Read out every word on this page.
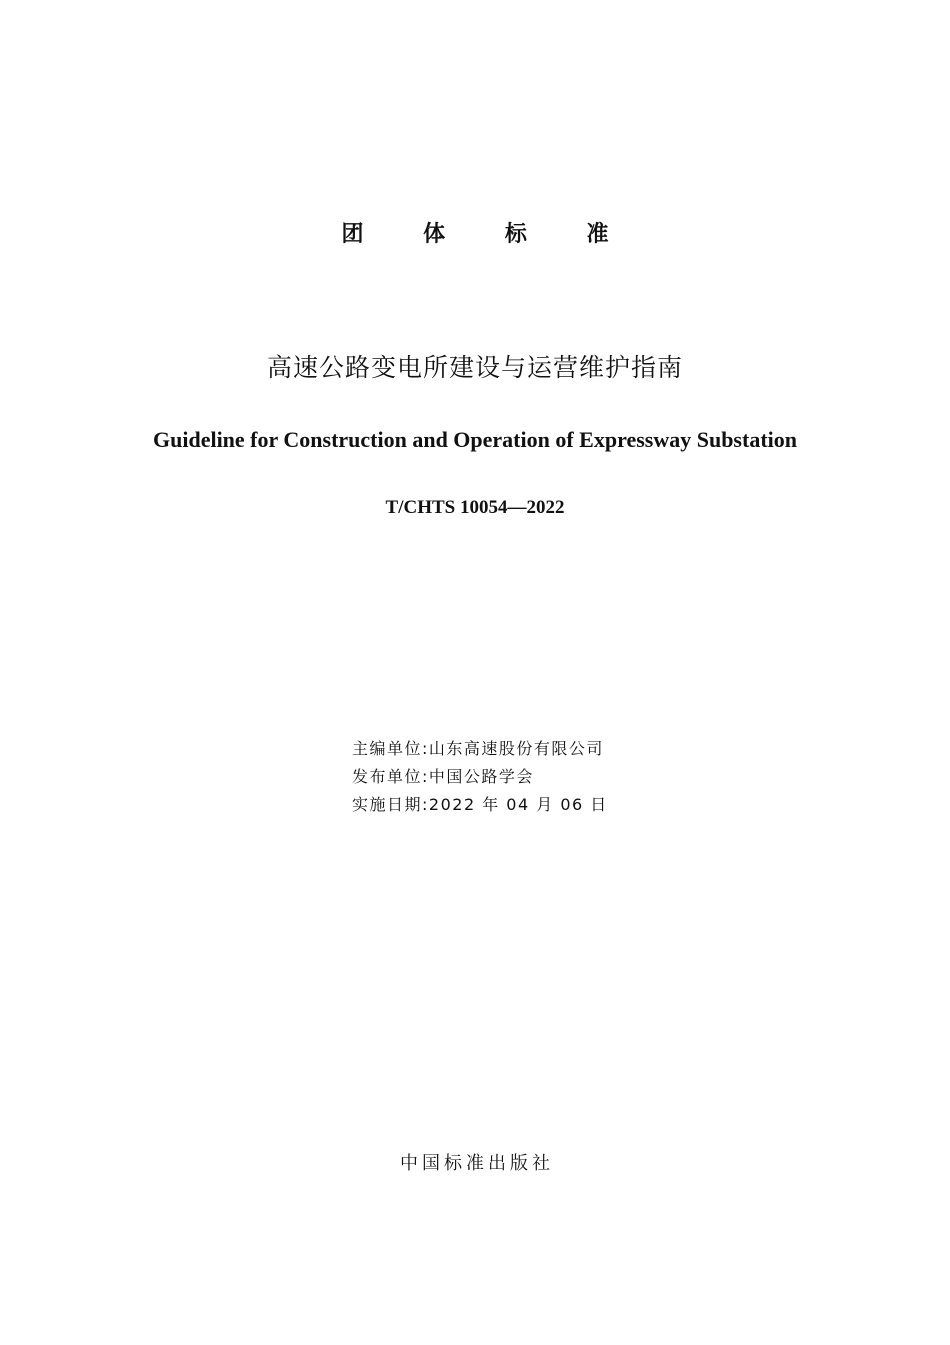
团 体 标 准
高速公路变电所建设与运营维护指南
Guideline for Construction and Operation of Expressway Substation
T/CHTS 10054—2022
主编单位:山东高速股份有限公司
发布单位:中国公路学会
实施日期:2022 年 04 月 06 日
中国标准出版社
